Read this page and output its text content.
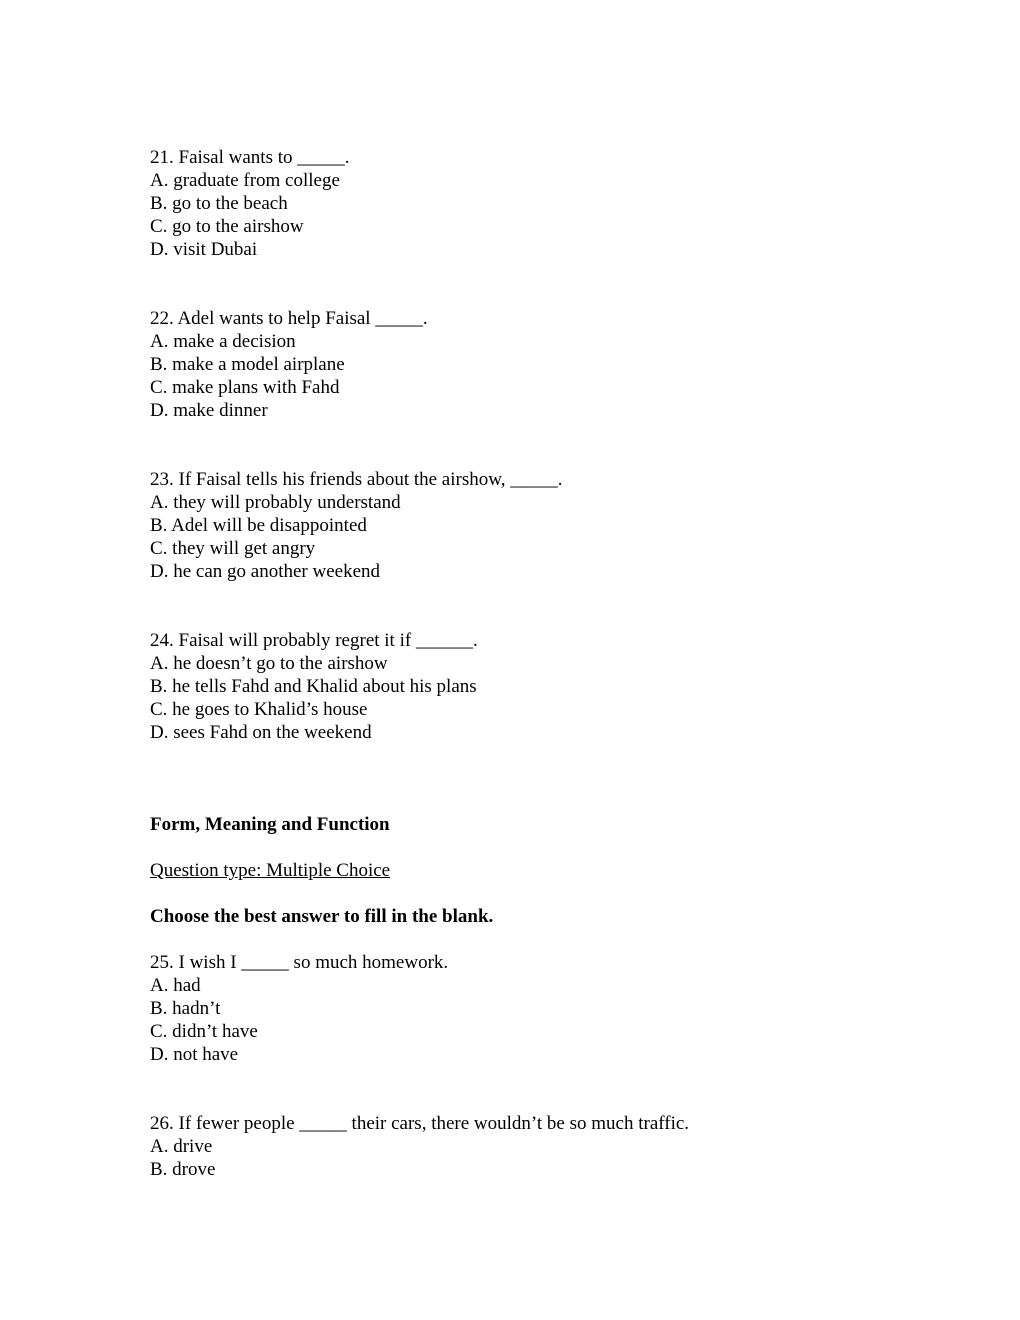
21. Faisal wants to _____.
A. graduate from college
B. go to the beach
C. go to the airshow
D. visit Dubai
22. Adel wants to help Faisal _____.
A. make a decision
B. make a model airplane
C. make plans with Fahd
D. make dinner
23. If Faisal tells his friends about the airshow, _____.
A. they will probably understand
B. Adel will be disappointed
C. they will get angry
D. he can go another weekend
24. Faisal will probably regret it if ______.
A. he doesn’t go to the airshow
B. he tells Fahd and Khalid about his plans
C. he goes to Khalid’s house
D. sees Fahd on the weekend
Form, Meaning and Function
Question type: Multiple Choice
Choose the best answer to fill in the blank.
25. I wish I _____ so much homework.
A. had
B. hadn’t
C. didn’t have
D. not have
26. If fewer people _____ their cars, there wouldn’t be so much traffic.
A. drive
B. drove
